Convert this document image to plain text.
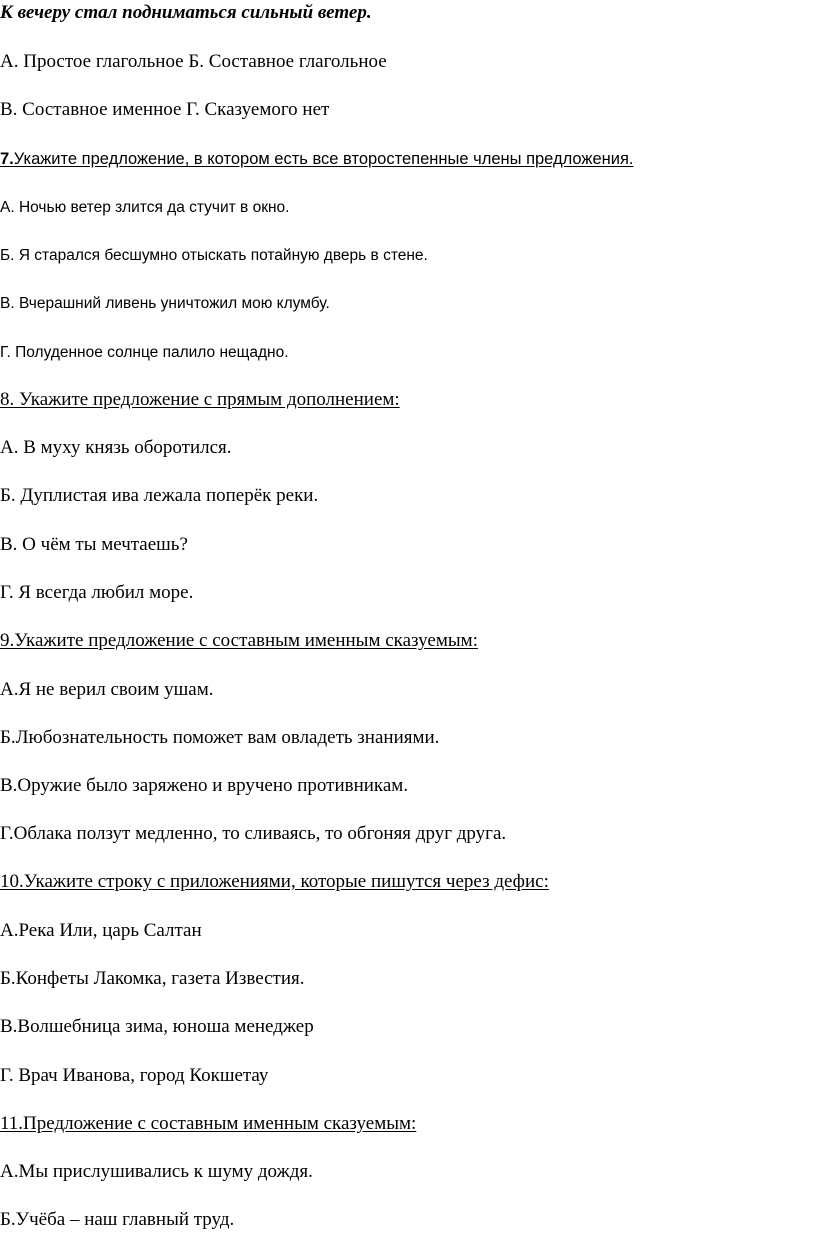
К вечеру стал подниматься сильный ветер.
А. Простое глагольное Б. Составное глагольное
В. Составное именное Г. Сказуемого нет
7.Укажите предложение, в котором есть все второстепенные члены предложения.
А. Ночью ветер злится да стучит в окно.
Б. Я старался бесшумно отыскать потайную дверь в стене.
В. Вчерашний ливень уничтожил мою клумбу.
Г. Полуденное солнце палило нещадно.
8. Укажите предложение с прямым дополнением:
А. В муху князь оборотился.
Б. Дуплистая ива лежала поперёк реки.
В. О чём ты мечтаешь?
Г. Я всегда любил море.
9.Укажите предложение с составным именным сказуемым:
А.Я не верил своим ушам.
Б.Любознательность поможет вам овладеть знаниями.
В.Оружие было заряжено и вручено противникам.
Г.Облака ползут медленно, то сливаясь, то обгоняя друг друга.
10.Укажите строку с приложениями, которые пишутся через дефис:
А.Река Или, царь Салтан
Б.Конфеты Лакомка, газета Известия.
В.Волшебница зима, юноша менеджер
Г. Врач Иванова, город Кокшетау
11.Предложение с составным именным сказуемым:
А.Мы прислушивались к шуму дождя.
Б.Учёба – наш главный труд.
